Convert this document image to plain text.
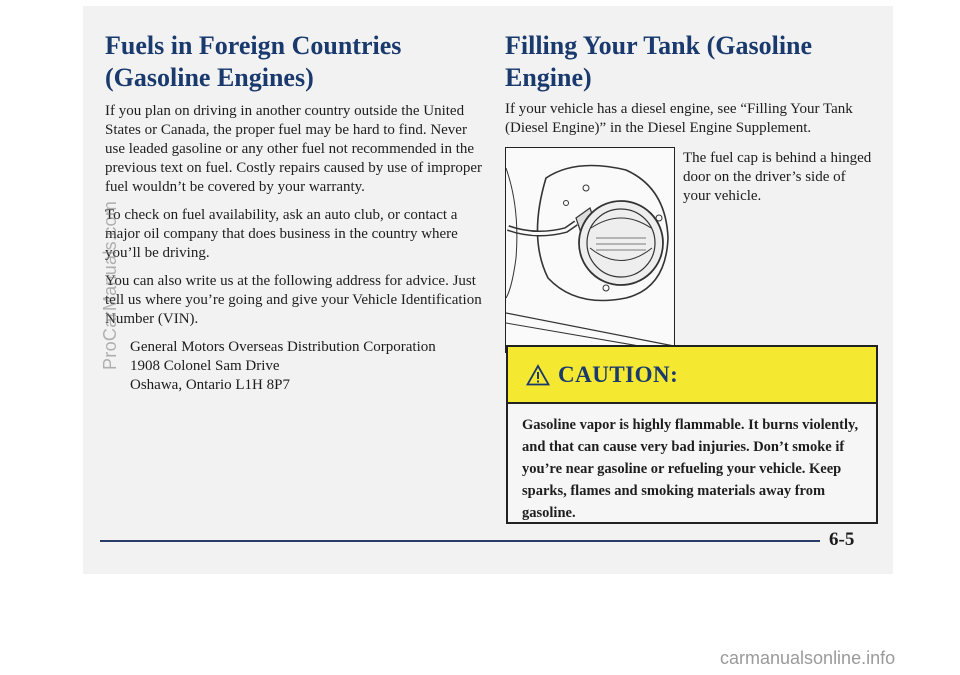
Fuels in Foreign Countries
(Gasoline Engines)

If you plan on driving in another country outside the United States or Canada, the proper fuel may be hard to find. Never use leaded gasoline or any other fuel not recommended in the previous text on fuel. Costly repairs caused by use of improper fuel wouldn’t be covered by your warranty.

To check on fuel availability, ask an auto club, or contact a major oil company that does business in the country where you’ll be driving.

You can also write us at the following address for advice. Just tell us where you’re going and give your Vehicle Identification Number (VIN).

General Motors Overseas Distribution Corporation
1908 Colonel Sam Drive
Oshawa, Ontario L1H 8P7
Filling Your Tank (Gasoline Engine)

If your vehicle has a diesel engine, see “Filling Your Tank (Diesel Engine)” in the Diesel Engine Supplement.

The fuel cap is behind a hinged door on the driver’s side of your vehicle.
CAUTION:
Gasoline vapor is highly flammable. It burns violently, and that can cause very bad injuries. Don’t smoke if you’re near gasoline or refueling your vehicle. Keep sparks, flames and smoking materials away from gasoline.
6-5
ProCarManuals.com
carmanualsonline.info
